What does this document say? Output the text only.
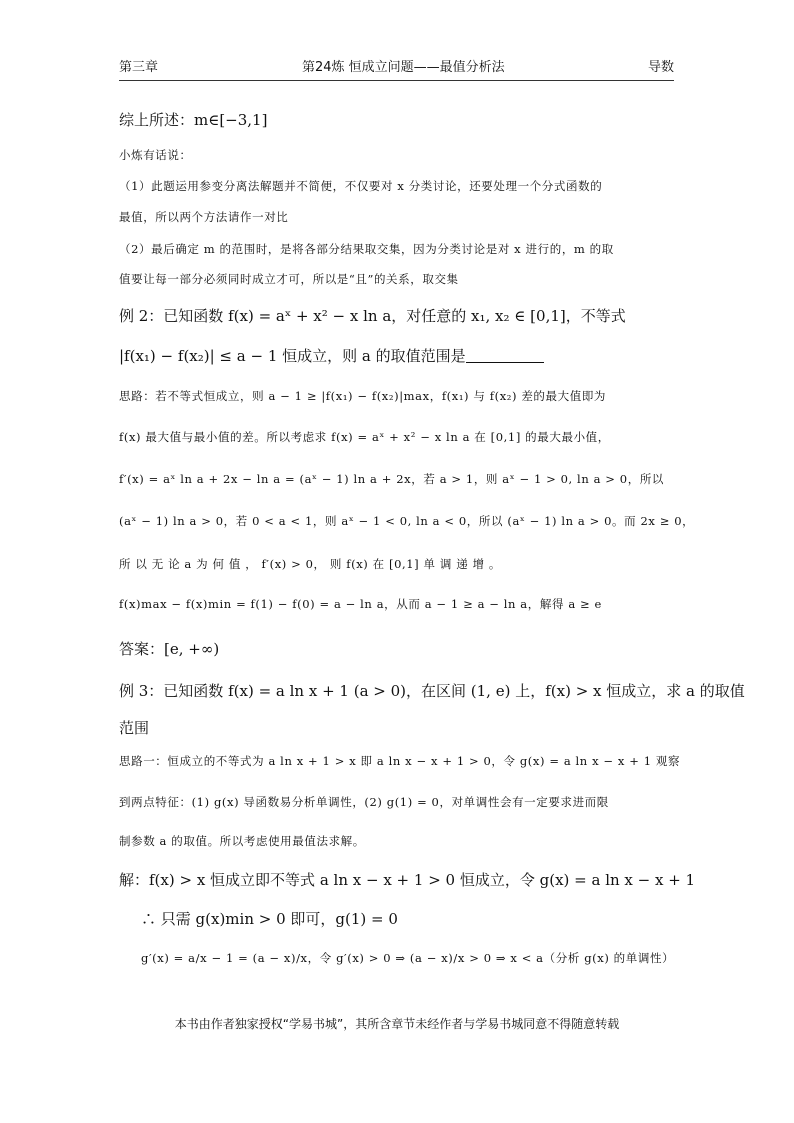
第三章	第24炼 恒成立问题——最值分析法	导数
综上所述：m∈[−3,1]
小炼有话说：
（1）此题运用参变分离法解题并不简便，不仅要对 x 分类讨论，还要处理一个分式函数的
最值，所以两个方法请作一对比
（2）最后确定 m 的范围时，是将各部分结果取交集，因为分类讨论是对 x 进行的，m 的取
值要让每一部分必须同时成立才可，所以是“且”的关系，取交集
例 2：已知函数 f(x) = aˣ + x² − x ln a，对任意的 x₁, x₂ ∈ [0,1]，不等式
|f(x₁) − f(x₂)| ≤ a − 1 恒成立，则 a 的取值范围是
思路：若不等式恒成立，则 a − 1 ≥ |f(x₁) − f(x₂)|max，f(x₁) 与 f(x₂) 差的最大值即为
f(x) 最大值与最小值的差。所以考虑求 f(x) = aˣ + x² − x ln a 在 [0,1] 的最大最小值，
f′(x) = aˣ ln a + 2x − ln a = (aˣ − 1) ln a + 2x，若 a > 1，则 aˣ − 1 > 0, ln a > 0，所以
(aˣ − 1) ln a > 0，若 0 < a < 1，则 aˣ − 1 < 0, ln a < 0，所以 (aˣ − 1) ln a > 0。而 2x ≥ 0，
所 以 无 论 a 为 何 值 ， f′(x) > 0， 则 f(x) 在 [0,1] 单 调 递 增 。
f(x)max − f(x)min = f(1) − f(0) = a − ln a，从而 a − 1 ≥ a − ln a，解得 a ≥ e
答案：[e, +∞)
例 3：已知函数 f(x) = a ln x + 1 (a > 0)，在区间 (1, e) 上，f(x) > x 恒成立，求 a 的取值
范围
思路一：恒成立的不等式为 a ln x + 1 > x 即 a ln x − x + 1 > 0，令 g(x) = a ln x − x + 1 观察
到两点特征：(1) g(x) 导函数易分析单调性，(2) g(1) = 0，对单调性会有一定要求进而限
制参数 a 的取值。所以考虑使用最值法求解。
解：f(x) > x 恒成立即不等式 a ln x − x + 1 > 0 恒成立，令 g(x) = a ln x − x + 1
∴ 只需 g(x)min > 0 即可，g(1) = 0
g′(x) = a/x − 1 = (a − x)/x，令 g′(x) > 0 ⇒ (a − x)/x > 0 ⇒ x < a（分析 g(x) 的单调性）
本书由作者独家授权“学易书城”，其所含章节未经作者与学易书城同意不得随意转载
